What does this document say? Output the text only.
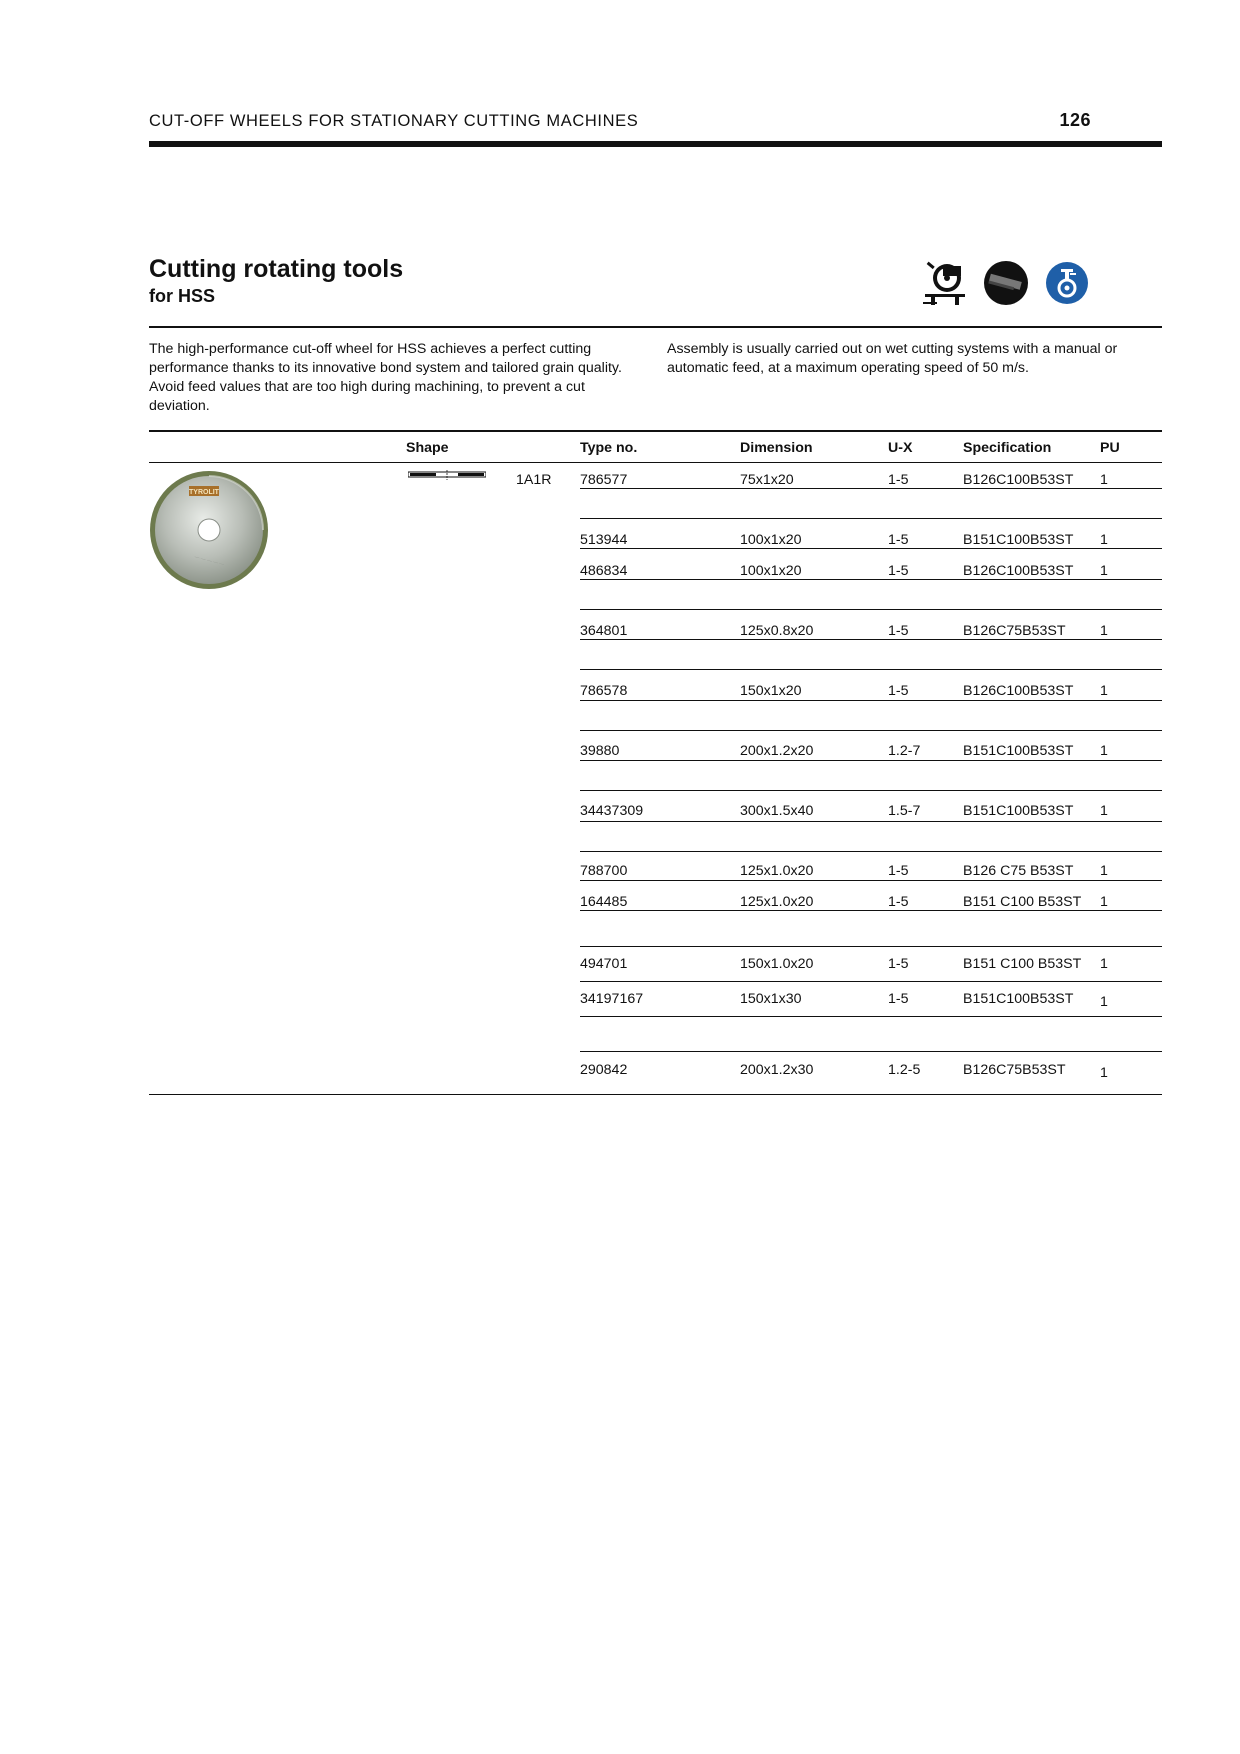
CUT-OFF WHEELS FOR STATIONARY CUTTING MACHINES	126
Cutting rotating tools
for HSS

The high-performance cut-off wheel for HSS achieves a perfect cutting performance thanks to its innovative bond system and tailored grain quality. Avoid feed values that are too high during machining, to prevent a cut deviation.

Assembly is usually carried out on wet cutting systems with a manual or automatic feed, at a maximum operating speed of 50 m/s.

Shape	Type no.	Dimension	U-X	Specification	PU
TYROLIT
— — — — —
1A1R 786577	75x1x20	1-5	B126C100B53ST 1
513944	100x1x20	1-5	B151C100B53ST 1
486834	100x1x20	1-5	B126C100B53ST 1
364801	125x0.8x20	1-5	B126C75B53ST 1
786578	150x1x20	1-5	B126C100B53ST 1
39880	200x1.2x20	1.2-7	B151C100B53ST 1
34437309	300x1.5x40	1.5-7	B151C100B53ST 1
788700	125x1.0x20	1-5	B126 C75 B53ST 1
164485	125x1.0x20	1-5	B151 C100 B53ST 1
494701	150x1.0x20	1-5	B151 C100 B53ST 1
34197167	150x1x30	1-5	B151C100B53ST 1
290842	200x1.2x30	1.2-5	B126C75B53ST 1
